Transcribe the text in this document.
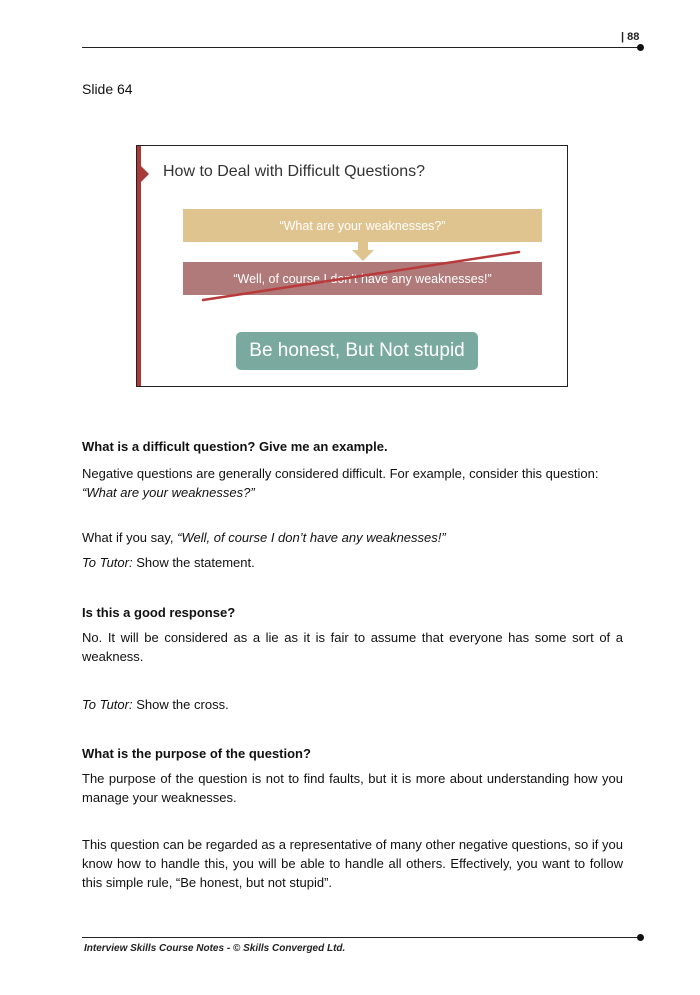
| 88
Slide 64
How to Deal with Difficult Questions?
“What are your weaknesses?”
“Well, of course I don’t have any weaknesses!”
Be honest, But Not stupid

What is a difficult question? Give me an example.

Negative questions are generally considered difficult. For example, consider this question:
“What are your weaknesses?”

What if you say, “Well, of course I don’t have any weaknesses!”

To Tutor: Show the statement.

Is this a good response?

No. It will be considered as a lie as it is fair to assume that everyone has some sort of a weakness.

To Tutor: Show the cross.

What is the purpose of the question?

The purpose of the question is not to find faults, but it is more about understanding how you manage your weaknesses.

This question can be regarded as a representative of many other negative questions, so if you know how to handle this, you will be able to handle all others. Effectively, you want to follow this simple rule, “Be honest, but not stupid”.

Interview Skills Course Notes - © Skills Converged Ltd.
